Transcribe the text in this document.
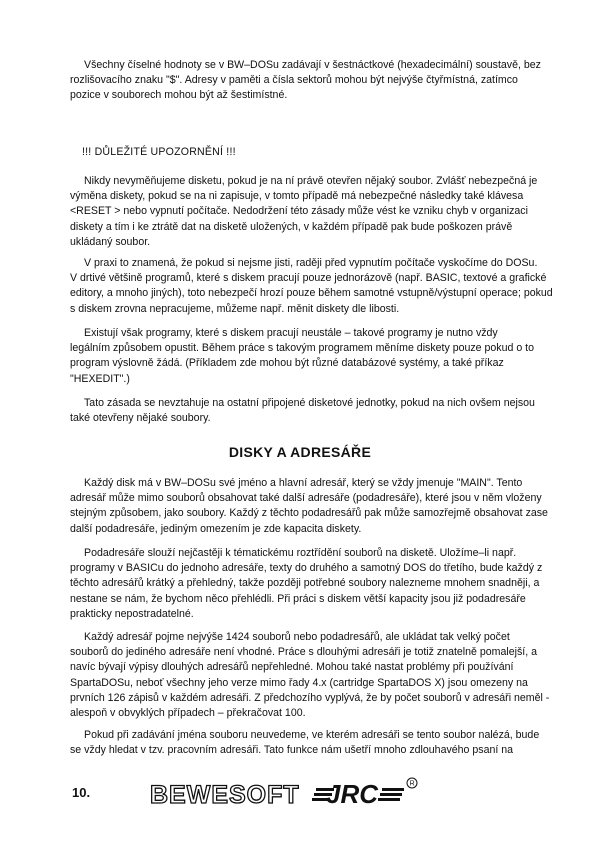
Všechny číselné hodnoty se v BW–DOSu zadávají v šestnáctkové (hexadecimální) soustavě, bez
rozlišovacího znaku "$". Adresy v paměti a čísla sektorů mohou být nejvýše čtyřmístná, zatímco
pozice v souborech mohou být až šestimístné.
!!! DŮLEŽITÉ UPOZORNĚNÍ !!!
Nikdy nevyměňujeme disketu, pokud je na ní právě otevřen nějaký soubor. Zvlášť nebezpečná je
výměna diskety, pokud se na ni zapisuje, v tomto případě má nebezpečné následky také klávesa
<RESET > nebo vypnutí počítače. Nedodržení této zásady může vést ke vzniku chyb v organizaci
diskety a tím i ke ztrátě dat na disketě uložených, v každém případě pak bude poškozen právě
ukládaný soubor.
V praxi to znamená, že pokud si nejsme jisti, raději před vypnutím počítače vyskočíme do DOSu.
V drtivé většině programů, které s diskem pracují pouze jednorázově (např. BASIC, textové a grafické
editory, a mnoho jiných), toto nebezpečí hrozí pouze během samotné vstupně/výstupní operace; pokud
s diskem zrovna nepracujeme, můžeme např. měnit diskety dle libosti.
Existují však programy, které s diskem pracují neustále – takové programy je nutno vždy
legálním způsobem opustit. Během práce s takovým programem měníme diskety pouze pokud o to
program výslovně žádá. (Příkladem zde mohou být různé databázové systémy, a také příkaz
"HEXEDIT".)
Tato zásada se nevztahuje na ostatní připojené disketové jednotky, pokud na nich ovšem nejsou
také otevřeny nějaké soubory.
DISKY A ADRESÁŘE
Každý disk má v BW–DOSu své jméno a hlavní adresář, který se vždy jmenuje "MAIN". Tento
adresář může mimo souborů obsahovat také další adresáře (podadresáře), které jsou v něm vloženy
stejným způsobem, jako soubory. Každý z těchto podadresářů pak může samozřejmě obsahovat zase
další podadresáře, jediným omezením je zde kapacita diskety.
Podadresáře slouží nejčastěji k tématickému roztřídění souborů na disketě. Uložíme–li např.
programy v BASICu do jednoho adresáře, texty do druhého a samotný DOS do třetího, bude každý z
těchto adresářů krátký a přehledný, takže později potřebné soubory nalezneme mnohem snadněji, a
nestane se nám, že bychom něco přehlédli. Při práci s diskem větší kapacity jsou již podadresáře
prakticky nepostradatelné.
Každý adresář pojme nejvýše 1424 souborů nebo podadresářů, ale ukládat tak velký počet
souborů do jediného adresáře není vhodné. Práce s dlouhými adresáři je totiž znatelně pomalejší, a
navíc bývají výpisy dlouhých adresářů nepřehledné. Mohou také nastat problémy při používání
SpartaDOSu, neboť všechny jeho verze mimo řady 4.x (cartridge SpartaDOS X) jsou omezeny na
prvních 126 zápisů v každém adresáři. Z předchozího vyplývá, že by počet souborů v adresáři neměl -
alespoň v obvyklých případech – překračovat 100.
Pokud při zadávání jména souboru neuvedeme, ve kterém adresáři se tento soubor nalézá, bude
se vždy hledat v tzv. pracovním adresáři. Tato funkce nám ušetří mnoho zdlouhavého psaní na
10. BEWESOFT JRC	R
